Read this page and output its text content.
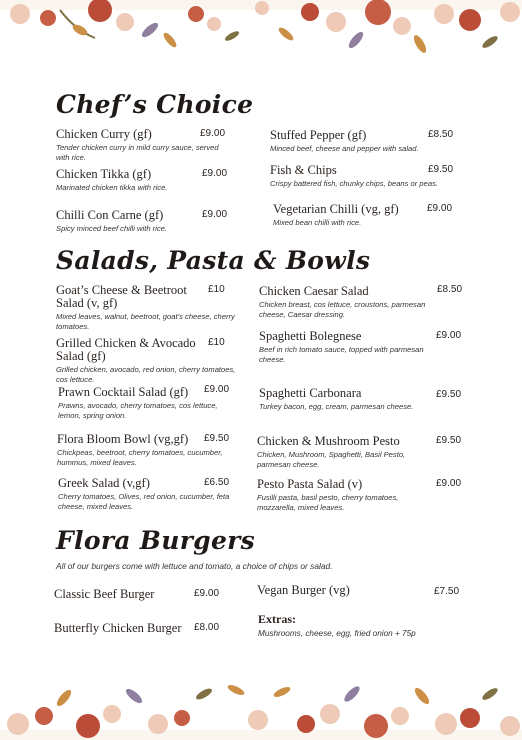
Chef’s Choice
Chicken Curry (gf)	£9.00
Tender chicken curry in mild curry sauce, served with rice.
Chicken Tikka (gf)	£9.00
Marinated chicken tikka with rice.
Chilli Con Carne (gf)	£9.00
Spicy minced beef chilli with rice.
Stuffed Pepper (gf)	£8.50
Minced beef, cheese and pepper with salad.
Fish & Chips	£9.50
Crispy battered fish, chunky chips, beans or peas.
Vegetarian Chilli (vg, gf)	£9.00
Mixed bean chilli with rice.
Salads, Pasta & Bowls
Goat’s Cheese & Beetroot Salad (v, gf)
£10
Mixed leaves, walnut, beetroot, goat’s cheese, cherry tomatoes.
Grilled Chicken & Avocado Salad (gf)
£10
Grilled chicken, avocado, red onion, cherry tomatoes, cos lettuce.
Prawn Cocktail Salad (gf)	£9.00
Prawns, avocado, cherry tomatoes, cos lettuce, lemon, spring onion.
Flora Bloom Bowl (vg,gf)	£9.50
Chickpeas, beetroot, cherry tomatoes, cucumber, hummus, mixed leaves.
Greek Salad (v,gf)	£6.50
Cherry tomatoes, Olives, red onion, cucumber, feta cheese, mixed leaves.
Chicken Caesar Salad	£8.50
Chicken breast, cos lettuce, croustons, parmesan cheese, Caesar dressing.
Spaghetti Bolegnese	£9.00
Beef in rich tomato sauce, topped with parmesan cheese.
Spaghetti Carbonara	£9.50
Turkey bacon, egg, cream, parmesan cheese.
Chicken & Mushroom Pesto	£9.50
Chicken, Mushroom, Spaghetti, Basil Pesto, parmesan cheese.
Pesto Pasta Salad (v)	£9.00
Fusilli pasta, basil pesto, cherry tomatoes, mozzarella, mixed leaves.
Flora Burgers
All of our burgers come with lettuce and tomato, a choice of chips or salad.
Classic Beef Burger	£9.00
Butterfly Chicken Burger	£8.00
Vegan Burger (vg)	£7.50
Extras:
Mushrooms, cheese, egg, fried onion + 75p
